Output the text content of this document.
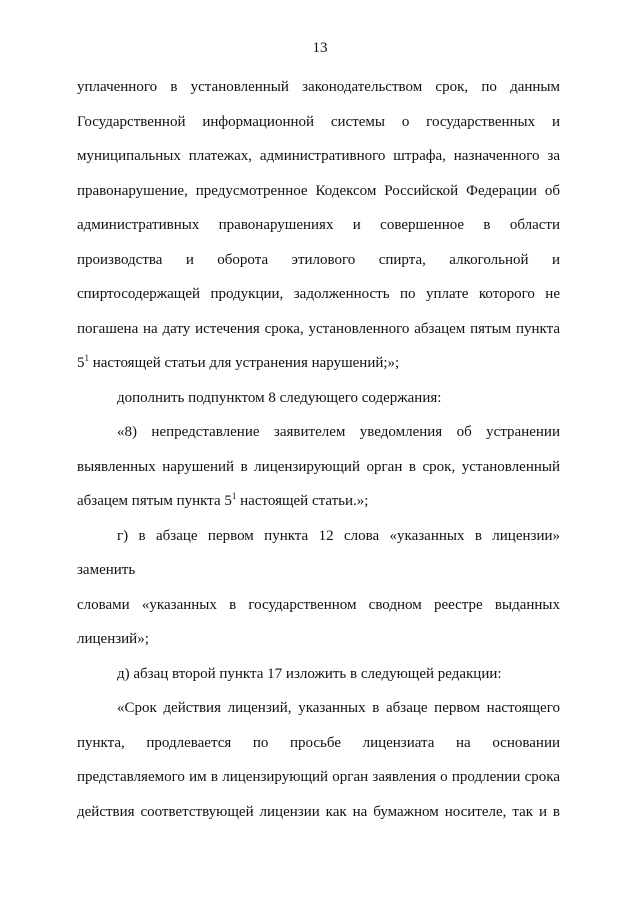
13
уплаченного в установленный законодательством срок, по данным
Государственной информационной системы о государственных и
муниципальных платежах, административного штрафа, назначенного за
правонарушение, предусмотренное Кодексом Российской Федерации об
административных правонарушениях и совершенное в области
производства и оборота этилового спирта, алкогольной и
спиртосодержащей продукции, задолженность по уплате которого не
погашена на дату истечения срока, установленного абзацем пятым пункта
$5^1$ настоящей статьи для устранения нарушений;»;
дополнить подпунктом 8 следующего содержания:
«8) непредставление заявителем уведомления об устранении
выявленных нарушений в лицензирующий орган в срок, установленный
абзацем пятым пункта $5^1$ настоящей статьи.»;
г) в абзаце первом пункта 12 слова «указанных в лицензии» заменить
словами «указанных в государственном сводном реестре выданных
лицензий»;
д) абзац второй пункта 17 изложить в следующей редакции:
«Срок действия лицензий, указанных в абзаце первом настоящего
пункта, продлевается по просьбе лицензиата на основании
представляемого им в лицензирующий орган заявления о продлении срока
действия соответствующей лицензии как на бумажном носителе, так и в
